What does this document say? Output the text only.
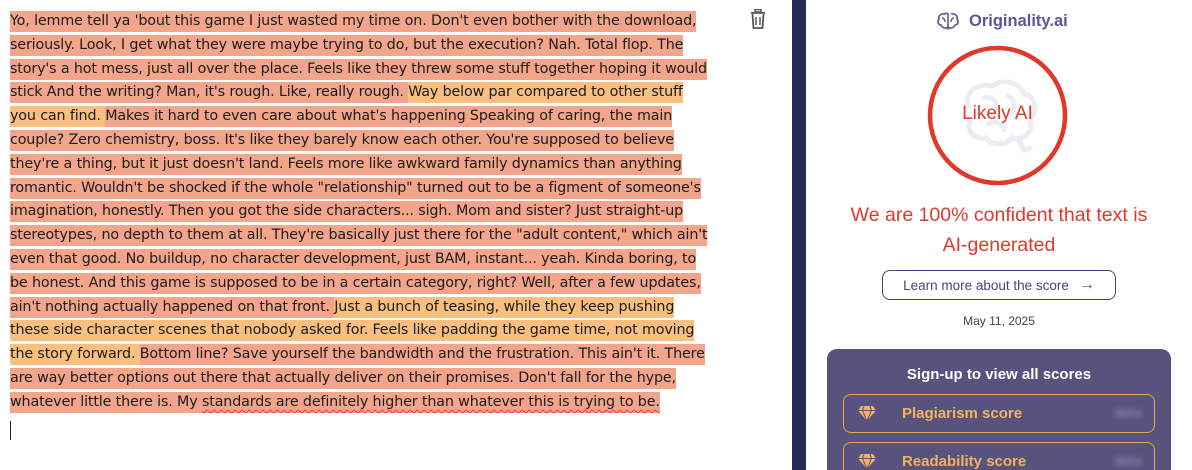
Yo, lemme tell ya 'bout this game I just wasted my time on. Don't even bother with the download, seriously. Look, I get what they were maybe trying to do, but the execution? Nah. Total flop. The story's a hot mess, just all over the place. Feels like they threw some stuff together hoping it would stick And the writing? Man, it's rough. Like, really rough. Way below par compared to other stuff you can find. Makes it hard to even care about what's happening Speaking of caring, the main couple? Zero chemistry, boss. It's like they barely know each other. You're supposed to believe they're a thing, but it just doesn't land. Feels more like awkward family dynamics than anything romantic. Wouldn't be shocked if the whole "relationship" turned out to be a figment of someone's imagination, honestly. Then you got the side characters... sigh. Mom and sister? Just straight-up stereotypes, no depth to them at all. They're basically just there for the "adult content," which ain't even that good. No buildup, no character development, just BAM, instant... yeah. Kinda boring, to be honest. And this game is supposed to be in a certain category, right? Well, after a few updates, ain't nothing actually happened on that front. Just a bunch of teasing, while they keep pushing these side character scenes that nobody asked for. Feels like padding the game time, not moving the story forward. Bottom line? Save yourself the bandwidth and the frustration. This ain't it. There are way better options out there that actually deliver on their promises. Don't fall for the hype, whatever little there is. My standards are definitely higher than whatever this is trying to be.
Originality.ai
Likely AI
We are 100% confident that text is AI-generated
Learn more about the score →
May 11, 2025
Sign-up to view all scores
Plagiarism score	80%
Readability score	80%
